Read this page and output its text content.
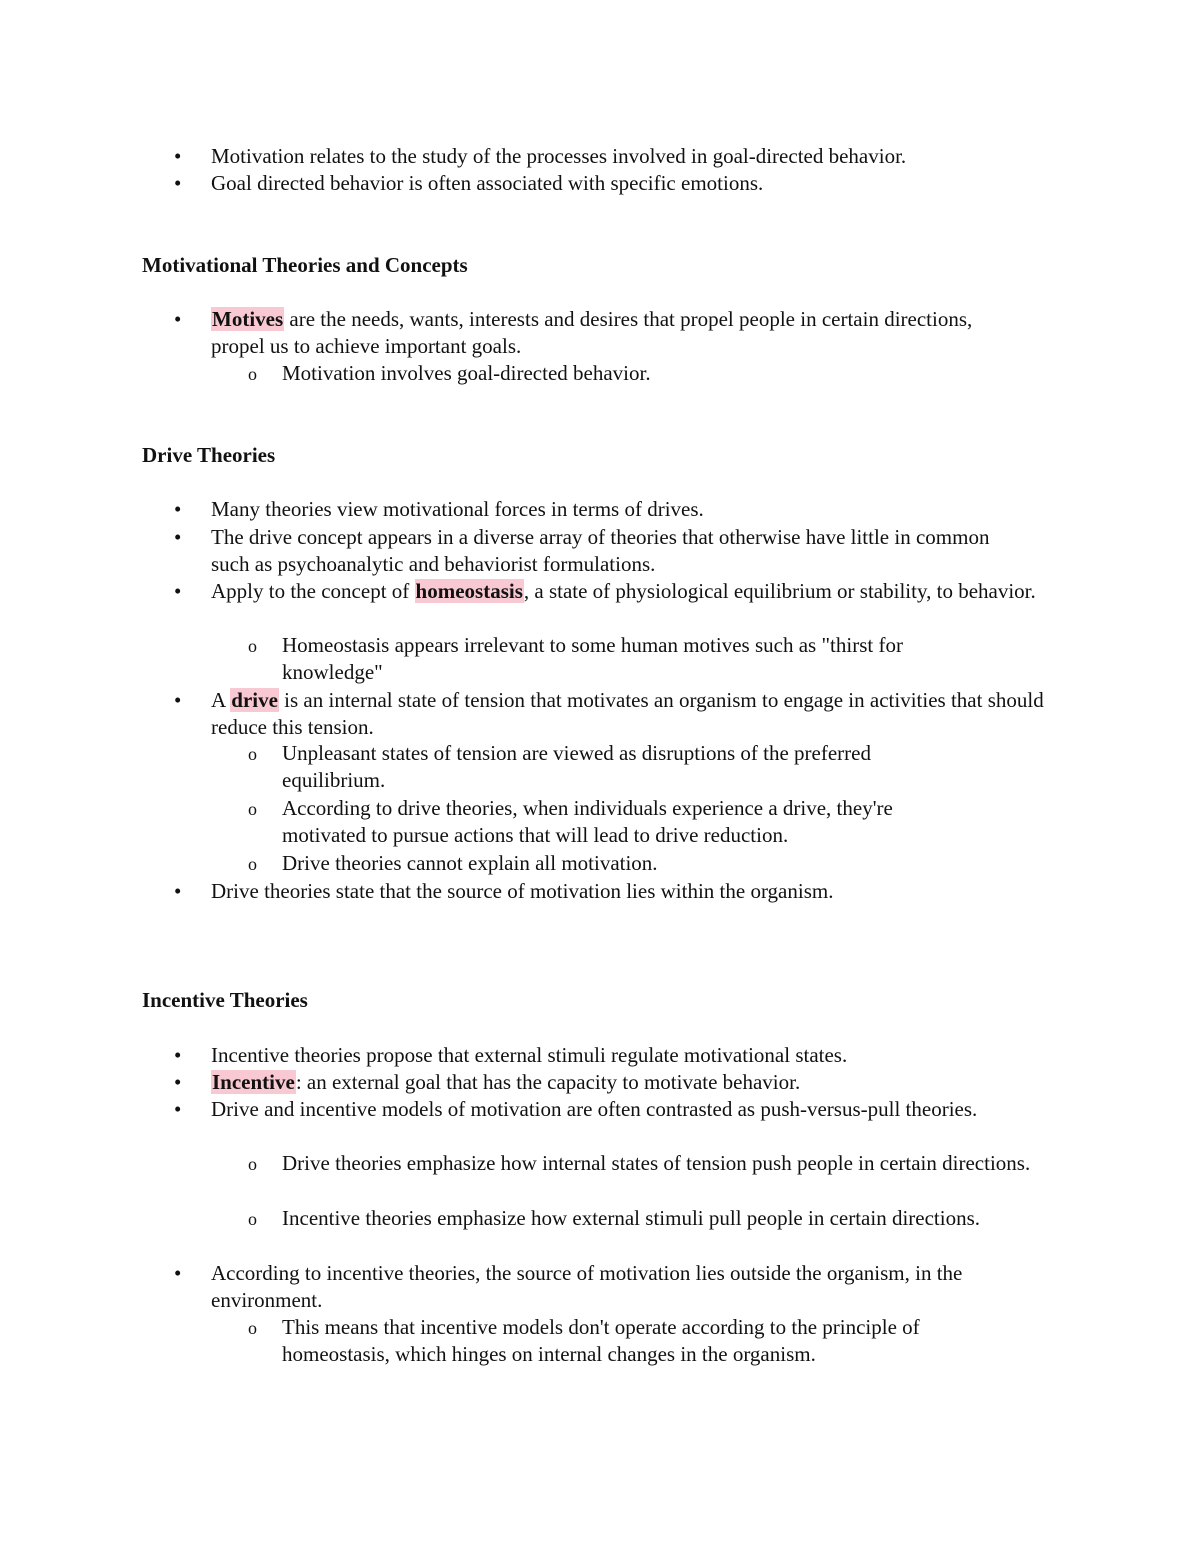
•	Motivation relates to the study of the processes involved in goal-directed behavior.
•	Goal directed behavior is often associated with specific emotions.
Motivational Theories and Concepts
•	Motives are the needs, wants, interests and desires that propel people in certain directions, propel us to achieve important goals.
o Motivation involves goal-directed behavior.
Drive Theories
•	Many theories view motivational forces in terms of drives.
•	The drive concept appears in a diverse array of theories that otherwise have little in common such as psychoanalytic and behaviorist formulations.
•	Apply to the concept of homeostasis, a state of physiological equilibrium or stability, to behavior.
o Homeostasis appears irrelevant to some human motives such as "thirst for knowledge"
•	A drive is an internal state of tension that motivates an organism to engage in activities that should reduce this tension.
o Unpleasant states of tension are viewed as disruptions of the preferred equilibrium.
o According to drive theories, when individuals experience a drive, they're motivated to pursue actions that will lead to drive reduction.
o Drive theories cannot explain all motivation.
•	Drive theories state that the source of motivation lies within the organism.
Incentive Theories
•	Incentive theories propose that external stimuli regulate motivational states.
•	Incentive: an external goal that has the capacity to motivate behavior.
•	Drive and incentive models of motivation are often contrasted as push-versus-pull theories.
o Drive theories emphasize how internal states of tension push people in certain directions.
o Incentive theories emphasize how external stimuli pull people in certain directions.
•	According to incentive theories, the source of motivation lies outside the organism, in the environment.
o This means that incentive models don't operate according to the principle of homeostasis, which hinges on internal changes in the organism.
